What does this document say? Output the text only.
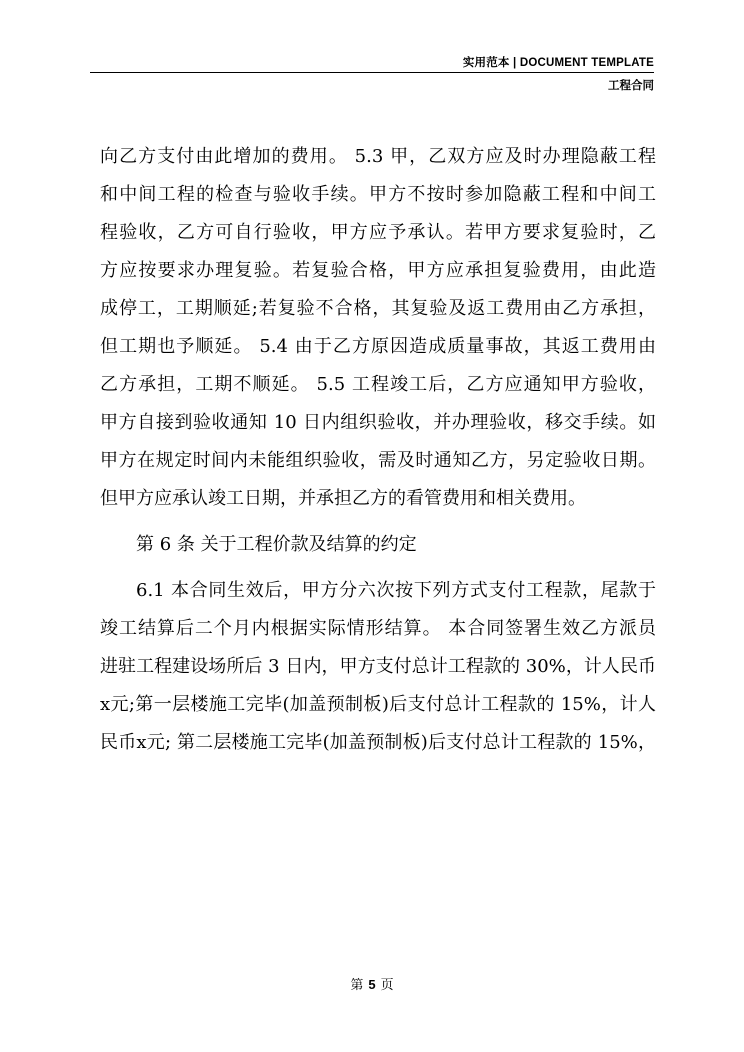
实用范本 | DOCUMENT TEMPLATE
工程合同
向乙方支付由此增加的费用。 5.3 甲，乙双方应及时办理隐蔽工程
和中间工程的检查与验收手续。甲方不按时参加隐蔽工程和中间工
程验收，乙方可自行验收，甲方应予承认。若甲方要求复验时，乙
方应按要求办理复验。若复验合格，甲方应承担复验费用，由此造
成停工，工期顺延;若复验不合格，其复验及返工费用由乙方承担，
但工期也予顺延。 5.4 由于乙方原因造成质量事故，其返工费用由
乙方承担，工期不顺延。 5.5 工程竣工后，乙方应通知甲方验收，
甲方自接到验收通知 10 日内组织验收，并办理验收，移交手续。如
甲方在规定时间内未能组织验收，需及时通知乙方，另定验收日期。
但甲方应承认竣工日期，并承担乙方的看管费用和相关费用。
第 6 条 关于工程价款及结算的约定
6.1 本合同生效后，甲方分六次按下列方式支付工程款，尾款于
竣工结算后二个月内根据实际情形结算。 本合同签署生效乙方派员
进驻工程建设场所后 3 日内，甲方支付总计工程款的 30%，计人民币
x元;第一层楼施工完毕(加盖预制板)后支付总计工程款的 15%，计人
民币x元; 第二层楼施工完毕(加盖预制板)后支付总计工程款的 15%，
第 5 页
